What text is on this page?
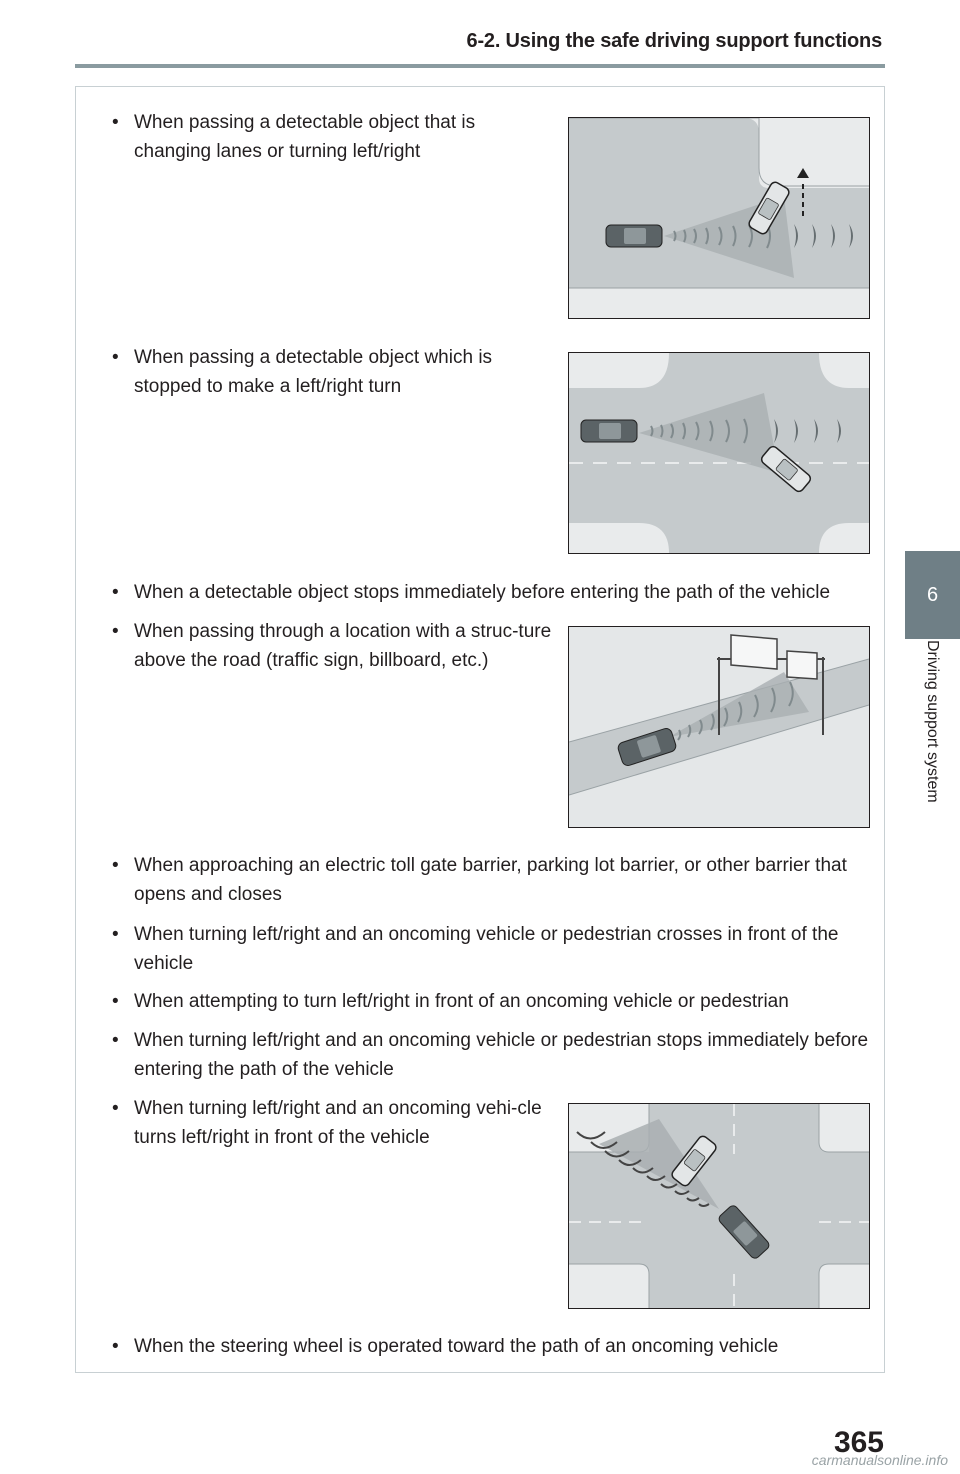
6-2. Using the safe driving support functions
6
Driving support system
• When passing a detectable object that is changing lanes or turning left/right
• When passing a detectable object which is stopped to make a left/right turn
• When a detectable object stops immediately before entering the path of the vehicle
• When passing through a location with a struc-ture above the road (traffic sign, billboard, etc.)
• When approaching an electric toll gate barrier, parking lot barrier, or other barrier that opens and closes
• When turning left/right and an oncoming vehicle or pedestrian crosses in front of the vehicle
• When attempting to turn left/right in front of an oncoming vehicle or pedestrian
• When turning left/right and an oncoming vehicle or pedestrian stops immediately before entering the path of the vehicle
• When turning left/right and an oncoming vehi-cle turns left/right in front of the vehicle
• When the steering wheel is operated toward the path of an oncoming vehicle
365
carmanualsonline.info
